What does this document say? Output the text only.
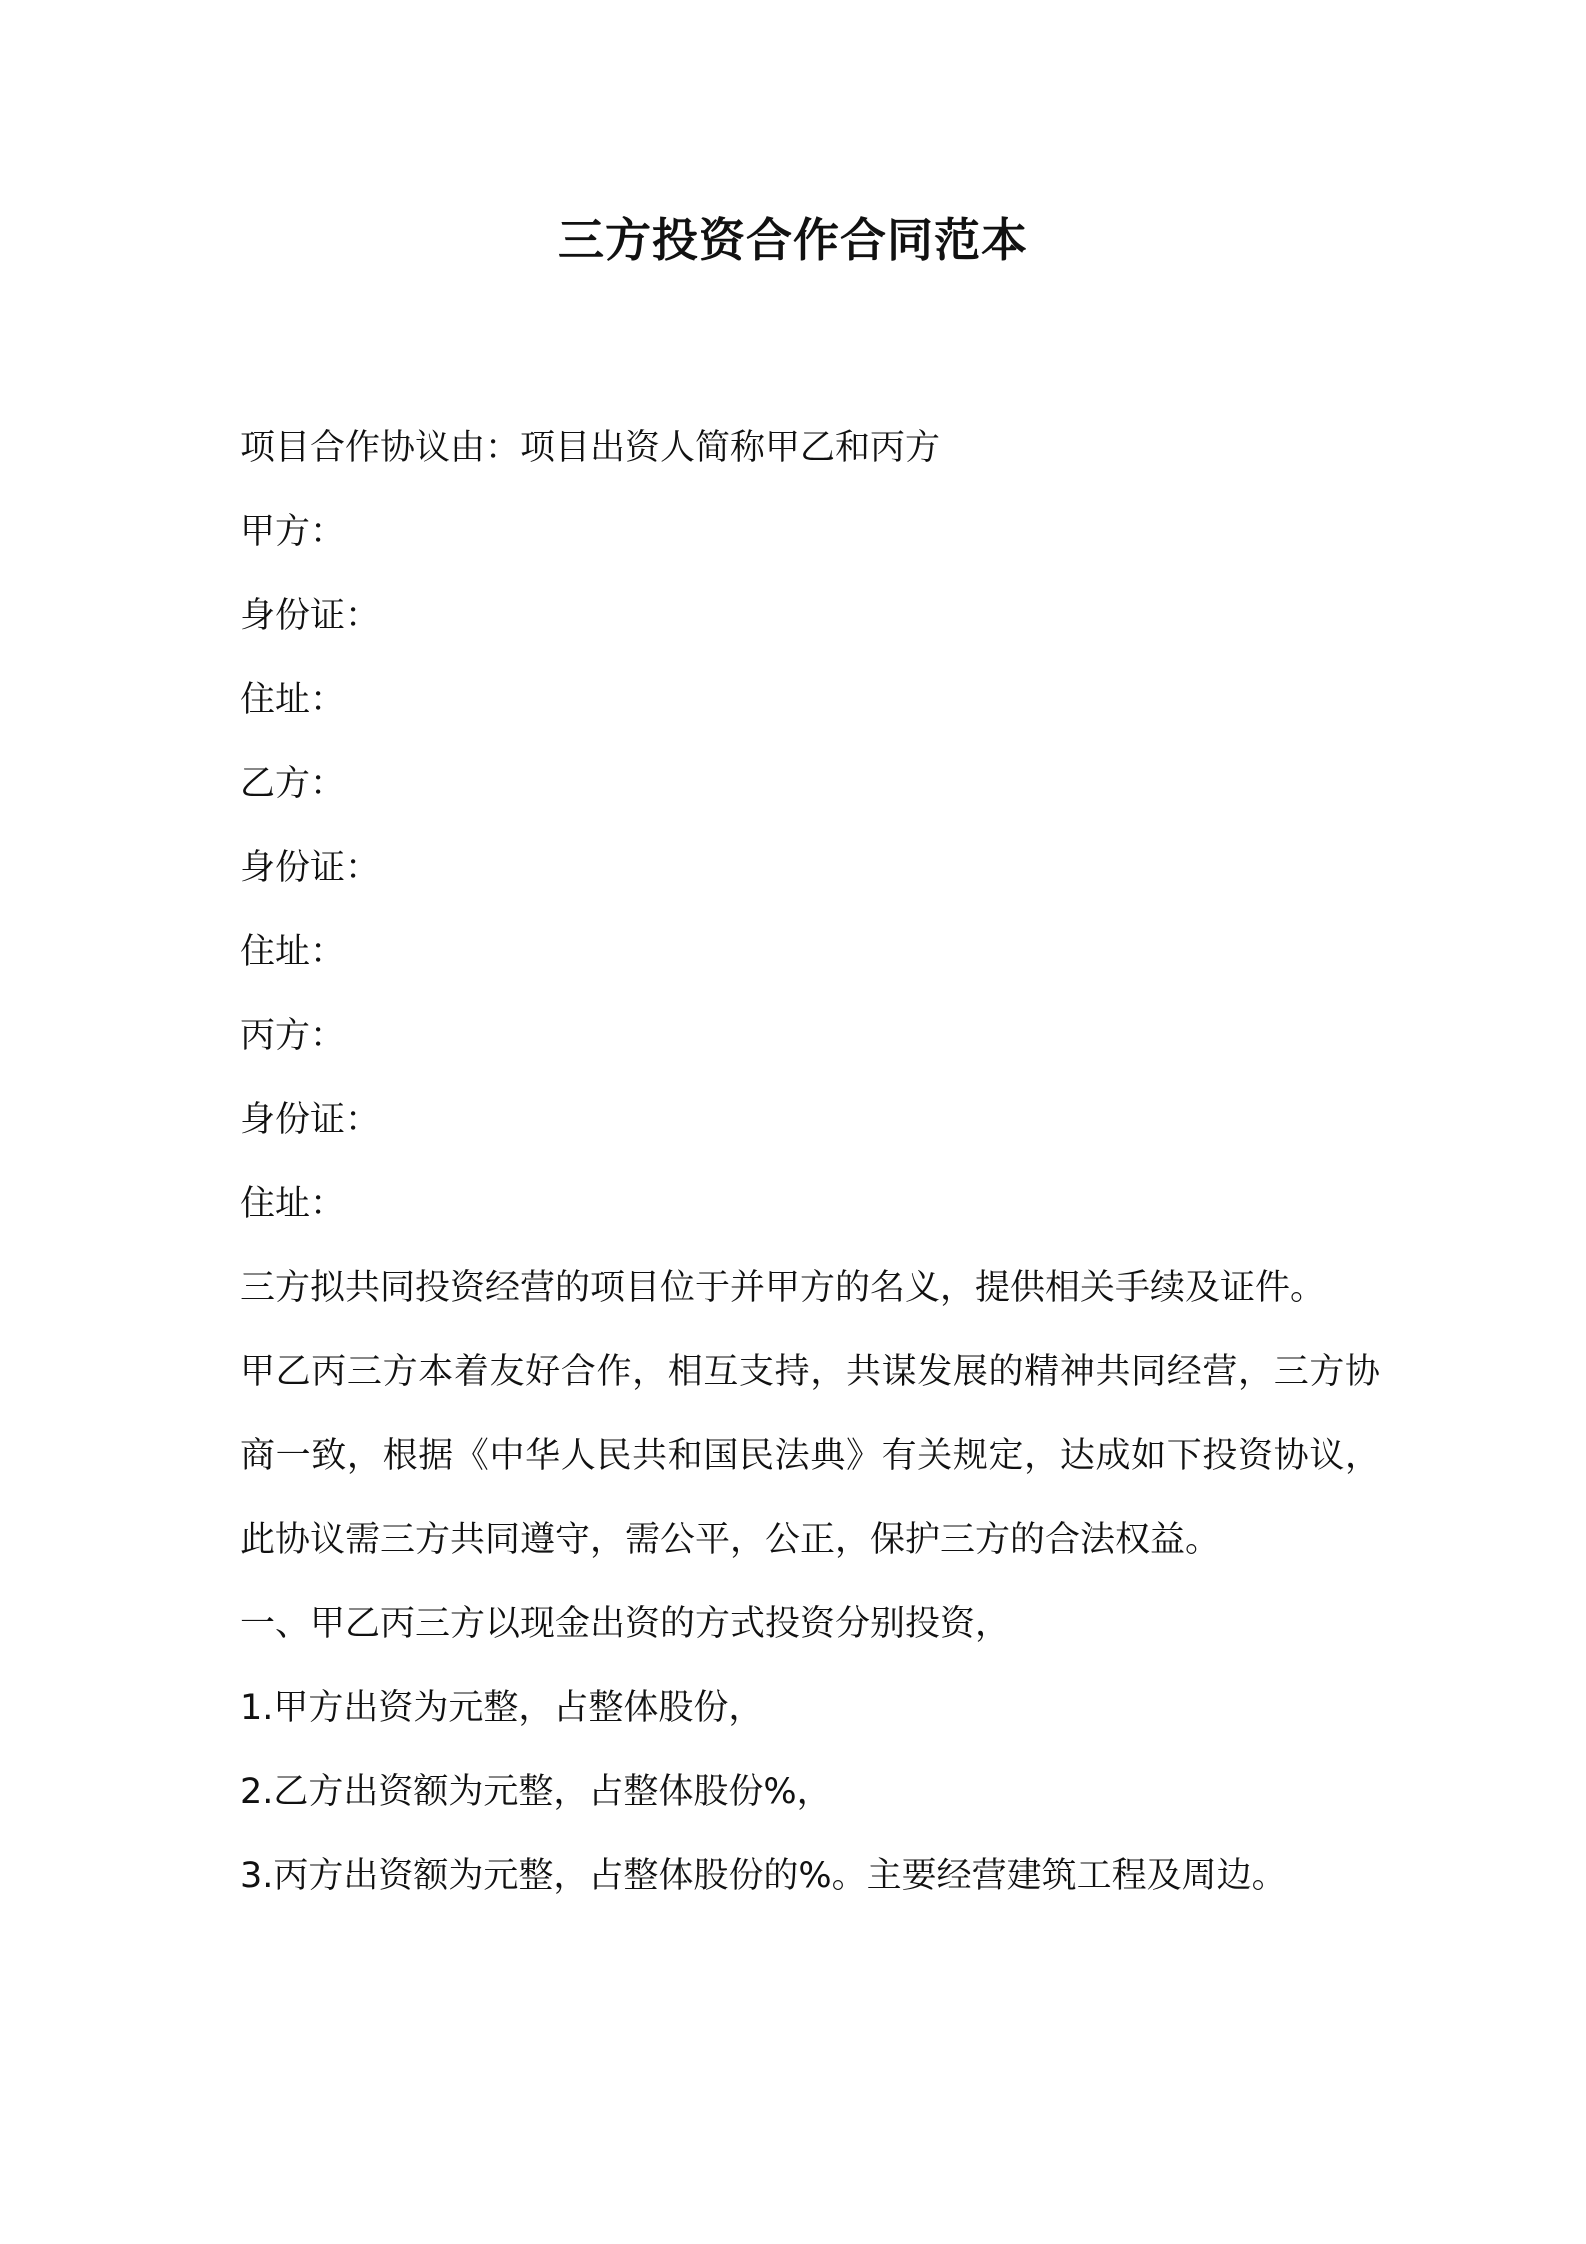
三方投资合作合同范本
项目合作协议由：项目出资人简称甲乙和丙方
甲方：
身份证：
住址：
乙方：
身份证：
住址：
丙方：
身份证：
住址：
三方拟共同投资经营的项目位于并甲方的名义，提供相关手续及证件。
甲乙丙三方本着友好合作，相互支持，共谋发展的精神共同经营，三方协商一致，根据《中华人民共和国民法典》有关规定，达成如下投资协议，此协议需三方共同遵守，需公平，公正，保护三方的合法权益。
一、甲乙丙三方以现金出资的方式投资分别投资，
1.甲方出资为元整，占整体股份，
2.乙方出资额为元整，占整体股份%，
3.丙方出资额为元整，占整体股份的%。主要经营建筑工程及周边。
